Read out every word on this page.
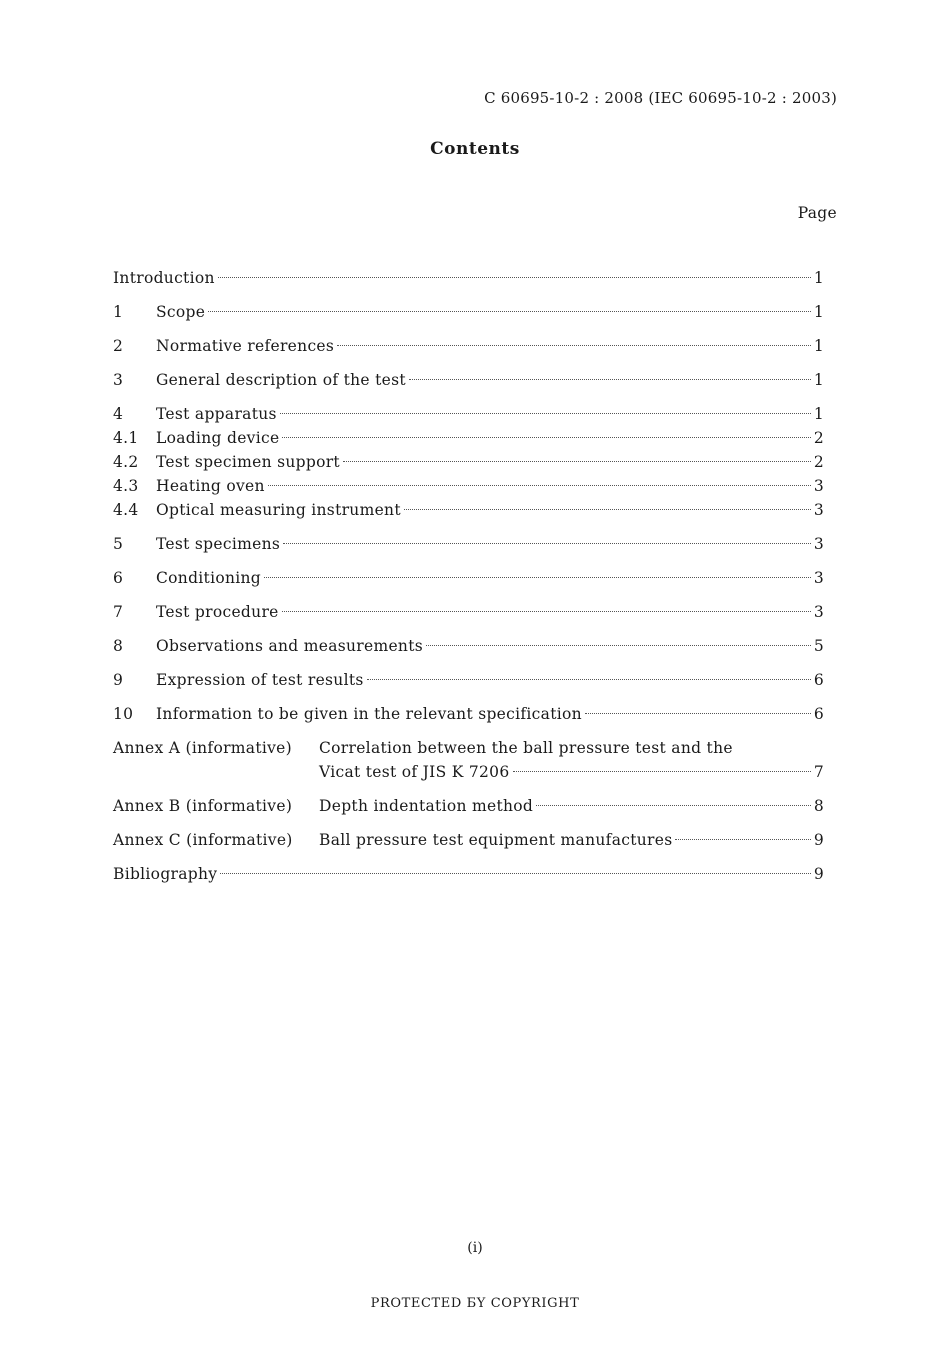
C 60695-10-2 : 2008 (IEC 60695-10-2 : 2003)
Contents
Page
Introduction	1
1	Scope	1
2	Normative references	1
3	General description of the test	1
4	Test apparatus	1
4.1	Loading device	2
4.2	Test specimen support	2
4.3	Heating oven	3
4.4	Optical measuring instrument	3
5	Test specimens	3
6	Conditioning	3
7	Test procedure	3
8	Observations and measurements	5
9	Expression of test results	6
10	Information to be given in the relevant specification	6
Annex A (informative)	Correlation between the ball pressure test and the
Vicat test of JIS K 7206	7
Annex B (informative)	Depth indentation method	8
Annex C (informative)	Ball pressure test equipment manufactures	9
Bibliography	9
(i)
PROTECTED БY COPYRIGHT
